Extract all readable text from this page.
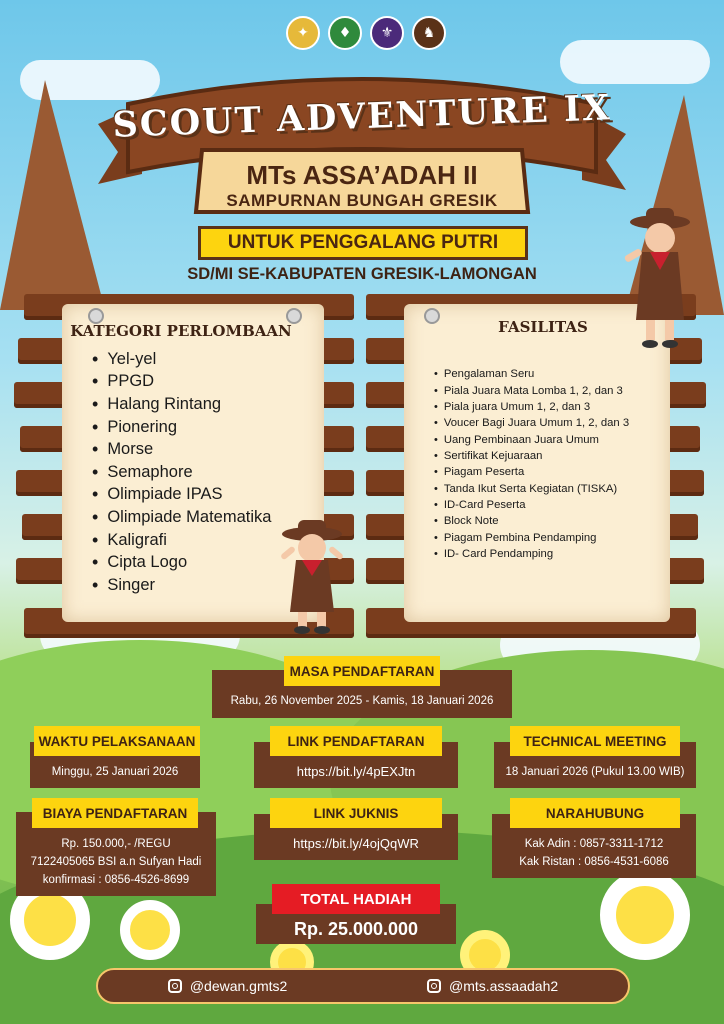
✦	♦	⚜	♞
SCOUT ADVENTURE IX
MTs ASSA’ADAH II
SAMPURNAN BUNGAH GRESIK
UNTUK PENGGALANG PUTRI
SD/MI SE-KABUPATEN GRESIK-LAMONGAN
KATEGORI PERLOMBAAN
• Yel-yel
• PPGD
• Halang Rintang
• Pionering
• Morse
• Semaphore
• Olimpiade IPAS
• Olimpiade Matematika
• Kaligrafi
• Cipta Logo
• Singer
FASILITAS
• Pengalaman Seru
• Piala Juara Mata Lomba 1, 2, dan 3
• Piala juara Umum 1, 2, dan 3
• Voucer Bagi Juara Umum 1, 2, dan 3
• Uang Pembinaan Juara Umum
• Sertifikat Kejuaraan
• Piagam Peserta
• Tanda Ikut Serta Kegiatan (TISKA)
• ID-Card Peserta
• Block Note
• Piagam Pembina Pendamping
• ID- Card Pendamping
Rabu, 26 November 2025 - Kamis, 18 Januari 2026
MASA PENDAFTARAN
Minggu, 25 Januari 2026
WAKTU PELAKSANAAN
https://bit.ly/4pEXJtn
LINK PENDAFTARAN
18 Januari 2026 (Pukul 13.00 WIB)
TECHNICAL MEETING
Rp. 150.000,- /REGU
7122405065 BSI a.n Sufyan Hadi
konfirmasi : 0856-4526-8699
BIAYA PENDAFTARAN
https://bit.ly/4ojQqWR
LINK JUKNIS
Kak Adin : 0857-3311-1712
Kak Ristan : 0856-4531-6086
NARAHUBUNG
Rp. 25.000.000
TOTAL HADIAH
@dewan.gmts2	@mts.assaadah2
